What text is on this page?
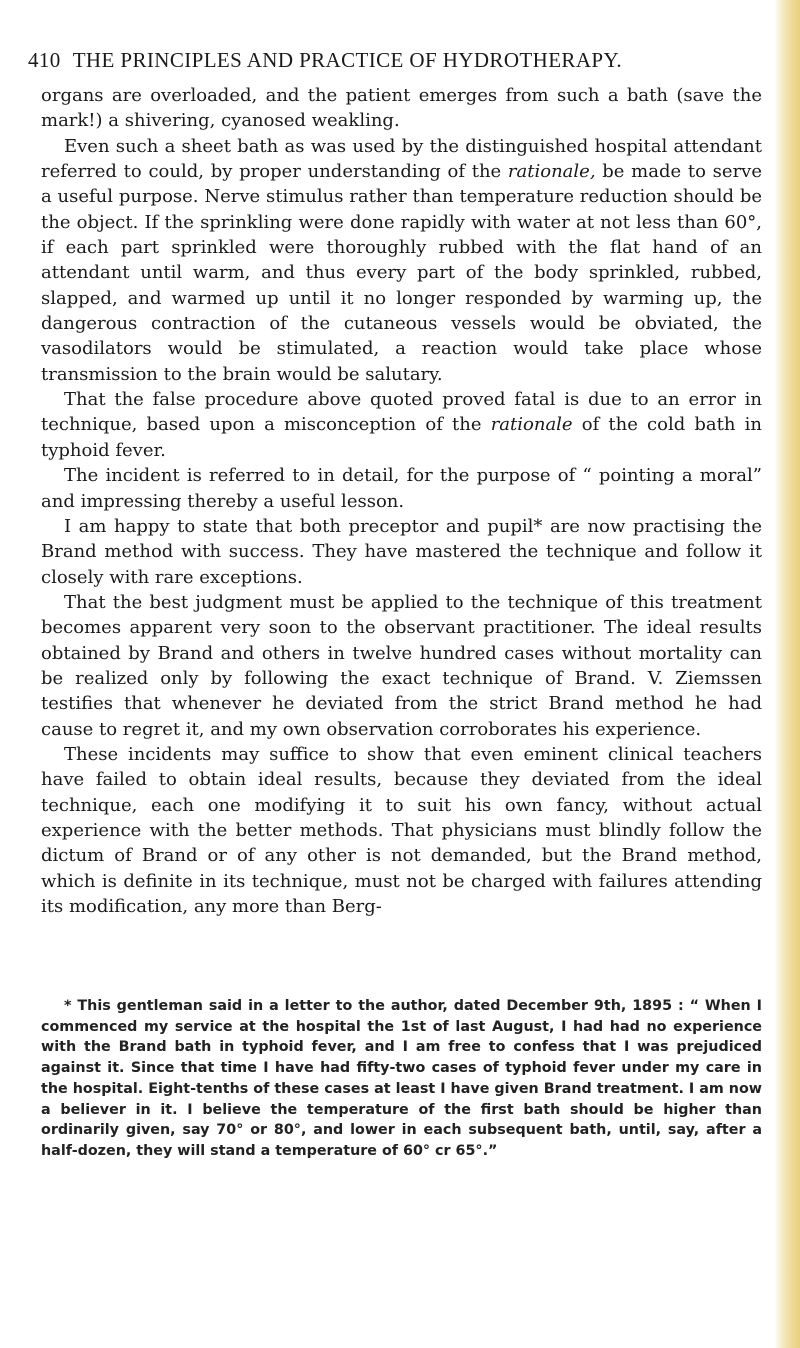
410 THE PRINCIPLES AND PRACTICE OF HYDROTHERAPY.

organs are overloaded, and the patient emerges from such a bath (save the mark!) a shivering, cyanosed weakling.

Even such a sheet bath as was used by the distinguished hospital attendant referred to could, by proper understanding of the rationale, be made to serve a useful purpose. Nerve stimulus rather than temperature reduction should be the object. If the sprinkling were done rapidly with water at not less than 60°, if each part sprinkled were thoroughly rubbed with the flat hand of an attendant until warm, and thus every part of the body sprinkled, rubbed, slapped, and warmed up until it no longer responded by warming up, the dangerous contraction of the cutaneous vessels would be obviated, the vasodilators would be stimulated, a reaction would take place whose transmission to the brain would be salutary.

That the false procedure above quoted proved fatal is due to an error in technique, based upon a misconception of the rationale of the cold bath in typhoid fever.

The incident is referred to in detail, for the purpose of “ pointing a moral” and impressing thereby a useful lesson.

I am happy to state that both preceptor and pupil* are now practising the Brand method with success. They have mastered the technique and follow it closely with rare exceptions.

That the best judgment must be applied to the technique of this treatment becomes apparent very soon to the observant practitioner. The ideal results obtained by Brand and others in twelve hundred cases without mortality can be realized only by following the exact technique of Brand. V. Ziemssen testifies that whenever he deviated from the strict Brand method he had cause to regret it, and my own observation corroborates his experience.

These incidents may suffice to show that even eminent clinical teachers have failed to obtain ideal results, because they deviated from the ideal technique, each one modifying it to suit his own fancy, without actual experience with the better methods. That physicians must blindly follow the dictum of Brand or of any other is not demanded, but the Brand method, which is definite in its technique, must not be charged with failures attending its modification, any more than Berg-

* This gentleman said in a letter to the author, dated December 9th, 1895 : “ When I commenced my service at the hospital the 1st of last August, I had had no experience with the Brand bath in typhoid fever, and I am free to confess that I was prejudiced against it. Since that time I have had fifty-two cases of typhoid fever under my care in the hospital. Eight-tenths of these cases at least I have given Brand treatment. I am now a believer in it. I believe the temperature of the first bath should be higher than ordinarily given, say 70° or 80°, and lower in each subsequent bath, until, say, after a half-dozen, they will stand a temperature of 60° cr 65°.”
